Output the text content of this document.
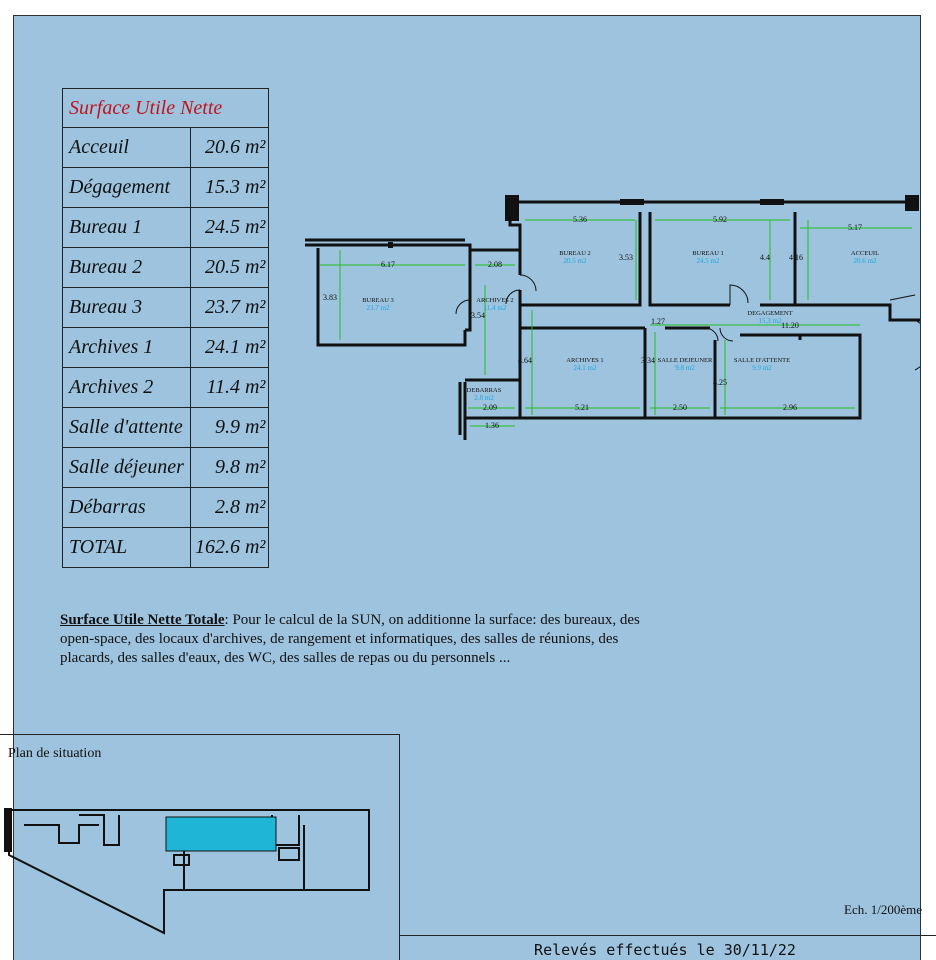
Surface Utile Nette	
Acceuil	20.6 m²
Dégagement	15.3 m²
Bureau 1	24.5 m²
Bureau 2	20.5 m²
Bureau 3	23.7 m²
Archives 1	24.1 m²
Archives 2	11.4 m²
Salle d'attente	9.9 m²
Salle déjeuner	9.8 m²
Débarras	2.8 m²
TOTAL	162.6 m²
6.17	2.08
3.83
3.54
5.36	5.92
5.17
3.53	4.4 4.16
1.27	11.20
4.64	3.34
4.25
2.09	5.21	2.50	2.96
1.36
BUREAU 3
23.7 m2
ARCHIVES 2
11.4 m2
BUREAU 2
20.5 m2
BUREAU 1
24.5 m2
ACCEUIL
20.6 m2
DEGAGEMENT
15.3 m2
ARCHIVES 1
24.1 m2
SALLE DEJEUNER
9.8 m2
SALLE D'ATTENTE
9.9 m2
DEBARRAS
2.8 m2
Surface Utile Nette Totale: Pour le calcul de la SUN, on additionne la surface: des bureaux, des open-space, des locaux d'archives, de rangement et informatiques, des salles de réunions, des placards, des salles d'eaux, des WC, des salles de repas ou du personnels ...
Plan de situation
Ech. 1/200ème
Relevés effectués le 30/11/22
